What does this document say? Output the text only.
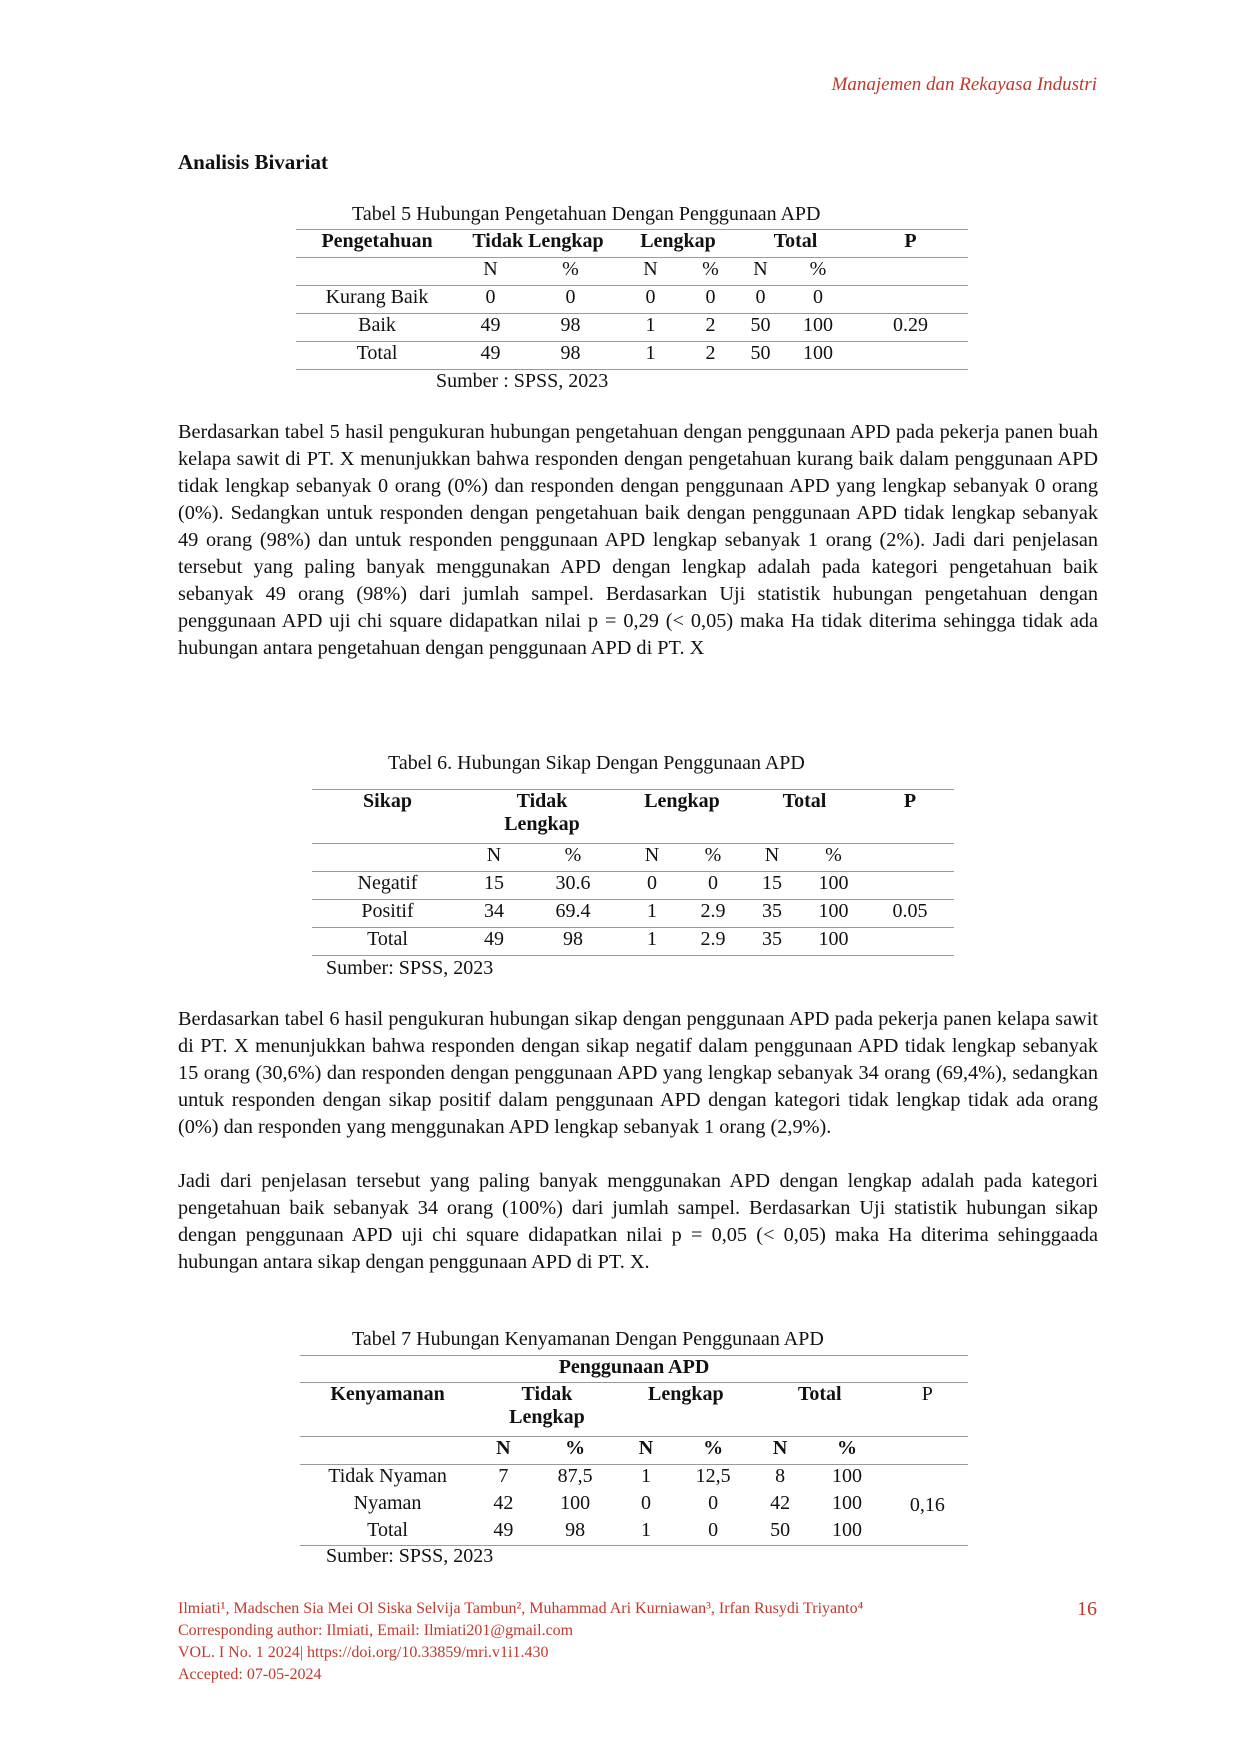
Manajemen dan Rekayasa Industri
Analisis Bivariat
Tabel 5 Hubungan Pengetahuan Dengan Penggunaan APD
Pengetahuan	Tidak Lengkap		Lengkap		Total		P
	N	%	N	%	N	%	
Kurang Baik	0	0	0	0	0	0	
Baik	49	98	1	2	50	100	0.29
Total	49	98	1	2	50	100	
Sumber : SPSS, 2023

Berdasarkan tabel 5 hasil pengukuran hubungan pengetahuan dengan penggunaan APD pada pekerja panen buah kelapa sawit di PT. X menunjukkan bahwa responden dengan pengetahuan kurang baik dalam penggunaan APD tidak lengkap sebanyak 0 orang (0%) dan responden dengan penggunaan APD yang lengkap sebanyak 0 orang (0%). Sedangkan untuk responden dengan pengetahuan baik dengan penggunaan APD tidak lengkap sebanyak 49 orang (98%) dan untuk responden penggunaan APD lengkap sebanyak 1 orang (2%). Jadi dari penjelasan tersebut yang paling banyak menggunakan APD dengan lengkap adalah pada kategori pengetahuan baik sebanyak 49 orang (98%) dari jumlah sampel. Berdasarkan Uji statistik hubungan pengetahuan dengan penggunaan APD uji chi square didapatkan nilai p = 0,29 (< 0,05) maka Ha tidak diterima sehingga tidak ada hubungan antara pengetahuan dengan penggunaan APD di PT. X

Tabel 6. Hubungan Sikap Dengan Penggunaan APD
Sikap	Tidak Lengkap		Lengkap		Total		P
	N	%	N	%	N	%	
Negatif	15	30.6	0	0	15	100	
Positif	34	69.4	1	2.9	35	100	0.05
Total	49	98	1	2.9	35	100	
Sumber: SPSS, 2023

Berdasarkan tabel 6 hasil pengukuran hubungan sikap dengan penggunaan APD pada pekerja panen kelapa sawit di PT. X menunjukkan bahwa responden dengan sikap negatif dalam penggunaan APD tidak lengkap sebanyak 15 orang (30,6%) dan responden dengan penggunaan APD yang lengkap sebanyak 34 orang (69,4%), sedangkan untuk responden dengan sikap positif dalam penggunaan APD dengan kategori tidak lengkap tidak ada orang (0%) dan responden yang menggunakan APD lengkap sebanyak 1 orang (2,9%).

Jadi dari penjelasan tersebut yang paling banyak menggunakan APD dengan lengkap adalah pada kategori pengetahuan baik sebanyak 34 orang (100%) dari jumlah sampel. Berdasarkan Uji statistik hubungan sikap dengan penggunaan APD uji chi square didapatkan nilai p = 0,05 (< 0,05) maka Ha diterima sehinggaada hubungan antara sikap dengan penggunaan APD di PT. X.

Tabel 7 Hubungan Kenyamanan Dengan Penggunaan APD
Penggunaan APD							
Kenyamanan	Tidak Lengkap		Lengkap		Total		P
	N	%	N	%	N	%	
Tidak Nyaman	7	87,5	1	12,5	8	100	0,16
Nyaman	42	100	0	0	42	100	
Total	49	98	1	0	50	100	
Sumber: SPSS, 2023
Ilmiati¹, Madschen Sia Mei Ol Siska Selvija Tambun², Muhammad Ari Kurniawan³, Irfan Rusydi Triyanto⁴
Corresponding author: Ilmiati, Email: Ilmiati201@gmail.com
VOL. I No. 1 2024| https://doi.org/10.33859/mri.v1i1.430
Accepted: 07-05-2024
16
